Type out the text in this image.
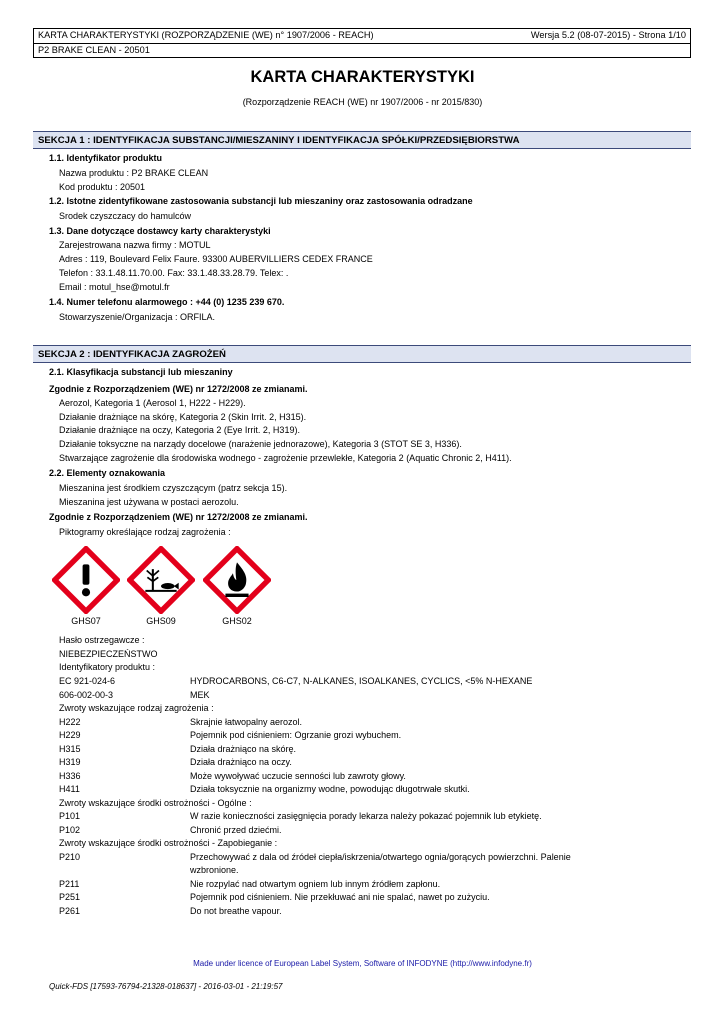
KARTA CHARAKTERYSTYKI (ROZPORZĄDZENIE (WE) n° 1907/2006 - REACH)	Wersja 5.2 (08-07-2015) - Strona 1/10
P2 BRAKE CLEAN - 20501
KARTA CHARAKTERYSTYKI
(Rozporządzenie REACH (WE) nr 1907/2006 - nr 2015/830)
SEKCJA 1 : IDENTYFIKACJA SUBSTANCJI/MIESZANINY I IDENTYFIKACJA SPÓŁKI/PRZEDSIĘBIORSTWA
1.1. Identyfikator produktu
Nazwa produktu : P2 BRAKE CLEAN
Kod produktu : 20501
1.2. Istotne zidentyfikowane zastosowania substancji lub mieszaniny oraz zastosowania odradzane
Srodek czyszczacy do hamulców
1.3. Dane dotyczące dostawcy karty charakterystyki
Zarejestrowana nazwa firmy : MOTUL
Adres : 119, Boulevard Felix Faure. 93300 AUBERVILLIERS CEDEX FRANCE
Telefon : 33.1.48.11.70.00. Fax: 33.1.48.33.28.79. Telex: .
Email : motul_hse@motul.fr
1.4. Numer telefonu alarmowego : +44 (0) 1235 239 670.
Stowarzyszenie/Organizacja : ORFILA.
SEKCJA 2 : IDENTYFIKACJA ZAGROŻEŃ
2.1. Klasyfikacja substancji lub mieszaniny
Zgodnie z Rozporządzeniem (WE) nr 1272/2008 ze zmianami.
Aerozol, Kategoria 1 (Aerosol 1, H222 - H229).
Działanie drażniące na skórę, Kategoria 2 (Skin Irrit. 2, H315).
Działanie drażniące na oczy, Kategoria 2 (Eye Irrit. 2, H319).
Działanie toksyczne na narządy docelowe (narażenie jednorazowe), Kategoria 3 (STOT SE 3, H336).
Stwarzające zagrożenie dla środowiska wodnego - zagrożenie przewlekłe, Kategoria 2 (Aquatic Chronic 2, H411).
2.2. Elementy oznakowania
Mieszanina jest środkiem czyszczącym (patrz sekcja 15).
Mieszanina jest używana w postaci aerozolu.
Zgodnie z Rozporządzeniem (WE) nr 1272/2008 ze zmianami.
Piktogramy określające rodzaj zagrożenia :
GHS07	GHS09	GHS02
Hasło ostrzegawcze :
NIEBEZPIECZEŃSTWO
Identyfikatory produktu :
EC 921-024-6	HYDROCARBONS, C6-C7, N-ALKANES, ISOALKANES, CYCLICS, <5% N-HEXANE
606-002-00-3	MEK
Zwroty wskazujące rodzaj zagrożenia :
H222	Skrajnie łatwopalny aerozol.
H229	Pojemnik pod ciśnieniem: Ogrzanie grozi wybuchem.
H315	Działa drażniąco na skórę.
H319	Działa drażniąco na oczy.
H336	Może wywoływać uczucie senności lub zawroty głowy.
H411	Działa toksycznie na organizmy wodne, powodując długotrwałe skutki.
Zwroty wskazujące środki ostrożności - Ogólne :
P101	W razie konieczności zasięgnięcia porady lekarza należy pokazać pojemnik lub etykietę.
P102	Chronić przed dziećmi.
Zwroty wskazujące środki ostrożności - Zapobieganie :
P210	Przechowywać z dala od źródeł ciepła/iskrzenia/otwartego ognia/gorących powierzchni. Palenie
wzbronione.
P211	Nie rozpylać nad otwartym ogniem lub innym źródłem zapłonu.
P251	Pojemnik pod ciśnieniem. Nie przekłuwać ani nie spalać, nawet po zużyciu.
P261	Do not breathe vapour.
Made under licence of European Label System, Software of INFODYNE (http://www.infodyne.fr)
Quick-FDS [17593-76794-21328-018637] - 2016-03-01 - 21:19:57
